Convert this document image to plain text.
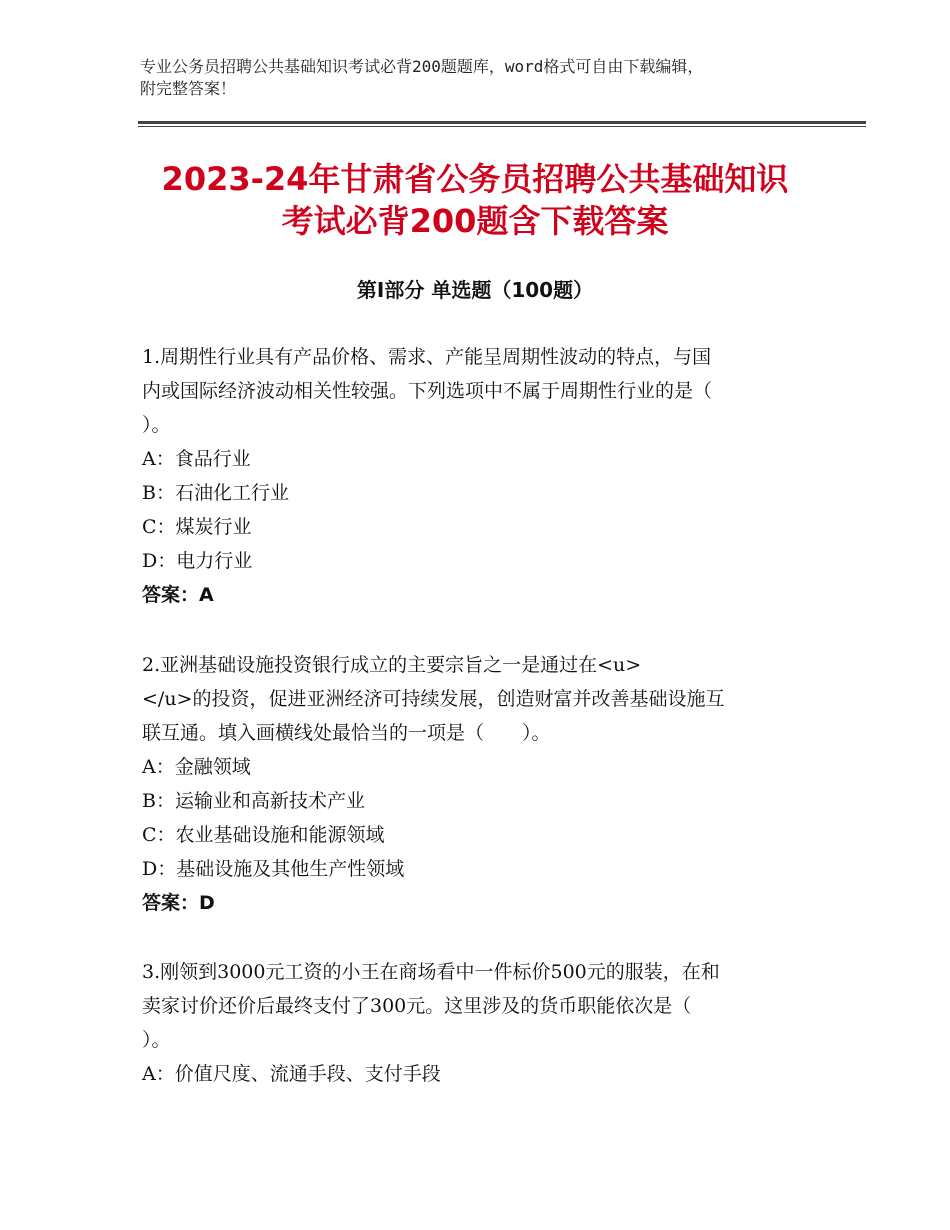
专业公务员招聘公共基础知识考试必背200题题库，word格式可自由下载编辑，
附完整答案！
2023-24年甘肃省公务员招聘公共基础知识
考试必背200题含下载答案
第Ⅰ部分 单选题（100题）

1.周期性行业具有产品价格、需求、产能呈周期性波动的特点，与国

内或国际经济波动相关性较强。下列选项中不属于周期性行业的是（

）。

A：食品行业

B：石油化工行业

C：煤炭行业

D：电力行业

答案：A

2.亚洲基础设施投资银行成立的主要宗旨之一是通过在<u>

</u>的投资，促进亚洲经济可持续发展，创造财富并改善基础设施互

联互通。填入画横线处最恰当的一项是（　　）。

A：金融领域

B：运输业和高新技术产业

C：农业基础设施和能源领域

D：基础设施及其他生产性领域

答案：D

3.刚领到3000元工资的小王在商场看中一件标价500元的服装，在和

卖家讨价还价后最终支付了300元。这里涉及的货币职能依次是（

）。

A：价值尺度、流通手段、支付手段
